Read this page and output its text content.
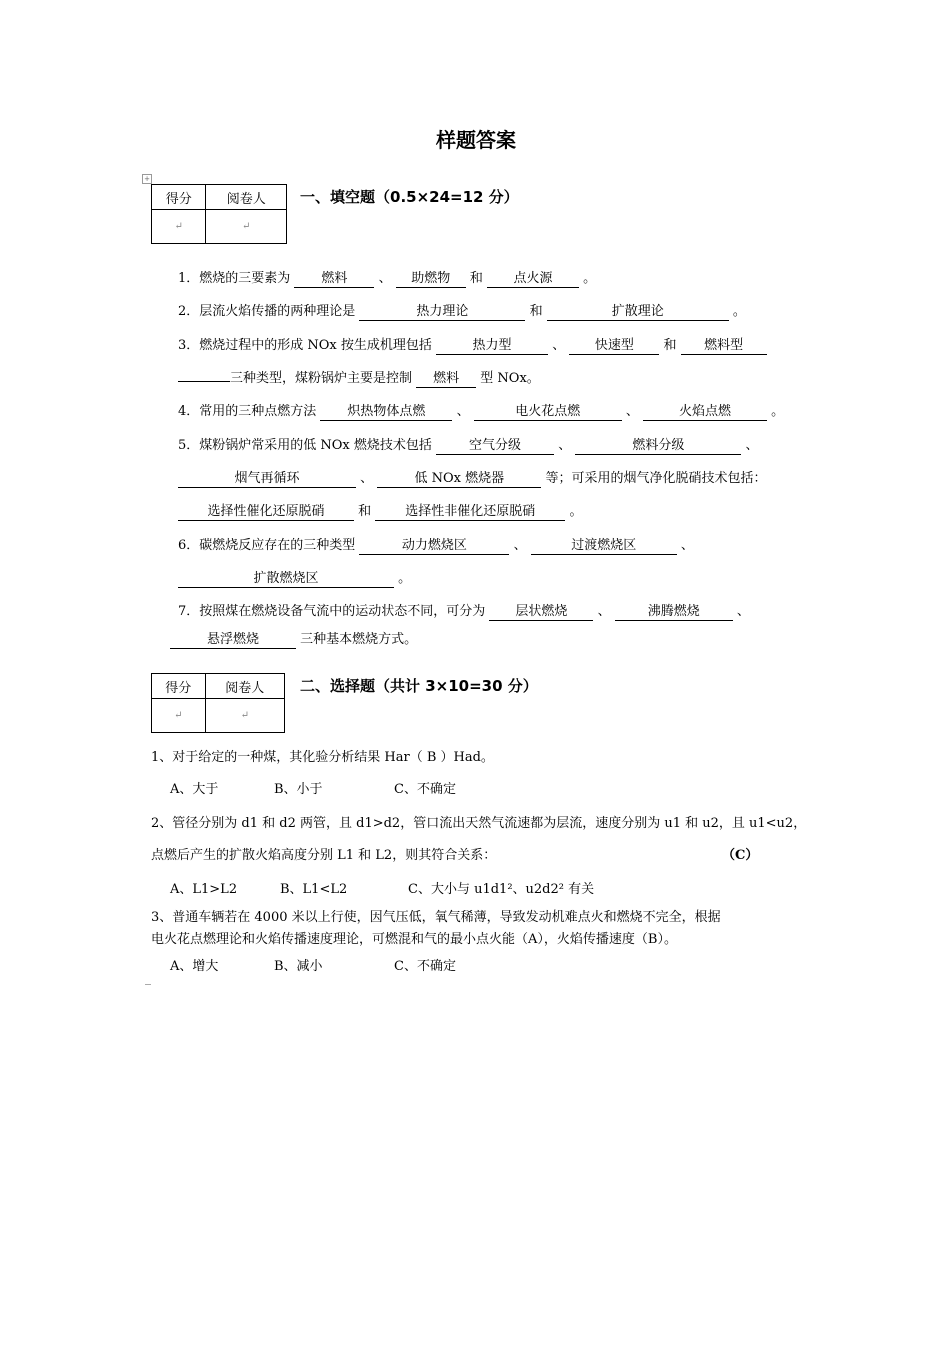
样题答案
+
得分	阅卷人
↵	↵
一、填空题（0.5×24=12 分）
1．燃烧的三要素为 燃料 、 助燃物 和 点火源 。
2．层流火焰传播的两种理论是	热力理论	和	扩散理论	。
3．燃烧过程中的形成 NOx 按生成机理包括	热力型	、 快速型 和 燃料型
三种类型，煤粉锅炉主要是控制 燃料 型 NOx。
4．常用的三种点燃方法 炽热物体点燃 、	电火花点燃	、	火焰点燃	。
5．煤粉锅炉常采用的低 NOx 燃烧技术包括	空气分级	、	燃料分级	、
烟气再循环	、	低 NOx 燃烧器	等；可采用的烟气净化脱硝技术包括：
选择性催化还原脱硝	和	选择性非催化还原脱硝	。
6．碳燃烧反应存在的三种类型	动力燃烧区	、	过渡燃烧区	、
扩散燃烧区	。
7．按照煤在燃烧设备气流中的运动状态不同，可分为 层状燃烧 、	沸腾燃烧	、
悬浮燃烧	三种基本燃烧方式。
得分	阅卷人
↵	↵
二、选择题（共计 3×10=30 分）
1、对于给定的一种煤，其化验分析结果 Har（ B ）Had。
A、大于	B、小于	C、不确定
2、管径分别为 d1 和 d2 两管，且 d1>d2，管口流出天然气流速都为层流，速度分别为 u1 和 u2，且 u1<u2，
点燃后产生的扩散火焰高度分别 L1 和 L2，则其符合关系：	（C）
A、L1>L2	B、L1<L2	C、大小与 u1d1²、u2d2² 有关
3、普通车辆若在 4000 米以上行使，因气压低，氧气稀薄，导致发动机难点火和燃烧不完全，根据
电火花点燃理论和火焰传播速度理论，可燃混和气的最小点火能（A），火焰传播速度（B）。
A、增大	B、减小	C、不确定
